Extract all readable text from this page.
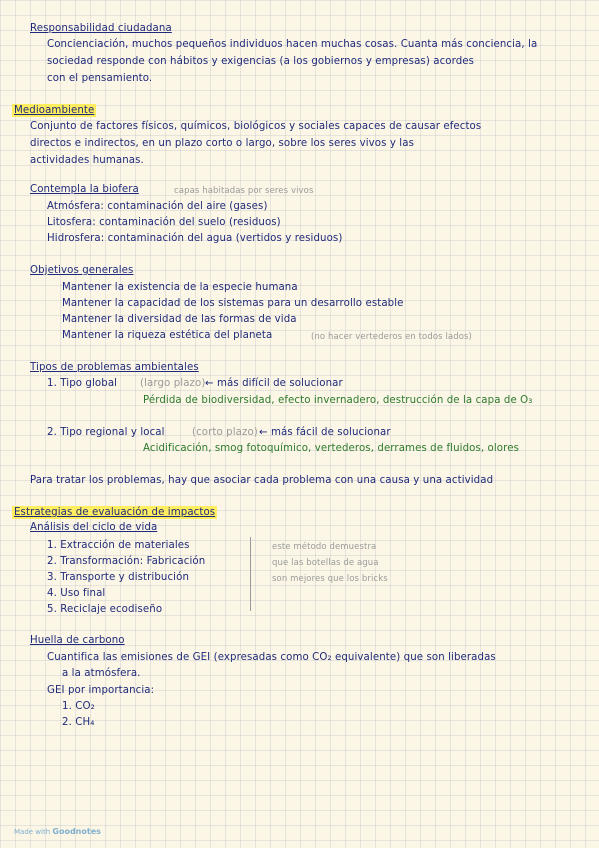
Responsabilidad ciudadana
Concienciación, muchos pequeños individuos hacen muchas cosas. Cuanta más conciencia, la
sociedad responde con hábitos y exigencias (a los gobiernos y empresas) acordes
con el pensamiento.
Medioambiente
Conjunto de factores físicos, químicos, biológicos y sociales capaces de causar efectos
directos e indirectos, en un plazo corto o largo, sobre los seres vivos y las
actividades humanas.
Contempla la biofera	capas habitadas por seres vivos
Atmósfera: contaminación del aire (gases)
Litosfera: contaminación del suelo (residuos)
Hidrosfera: contaminación del agua (vertidos y residuos)
Objetivos generales
Mantener la existencia de la especie humana
Mantener la capacidad de los sistemas para un desarrollo estable
Mantener la diversidad de las formas de vida
Mantener la riqueza estética del planeta	(no hacer vertederos en todos lados)
Tipos de problemas ambientales
1. Tipo global (largo plazo) ← más difícil de solucionar
Pérdida de biodiversidad, efecto invernadero, destrucción de la capa de O₃
2. Tipo regional y local	(corto plazo) ← más fácil de solucionar
Acidificación, smog fotoquímico, vertederos, derrames de fluidos, olores
Para tratar los problemas, hay que asociar cada problema con una causa y una actividad
Estrategias de evaluación de impactos
Análisis del ciclo de vida
1. Extracción de materiales
2. Transformación: Fabricación
3. Transporte y distribución
4. Uso final
5. Reciclaje ecodiseño
este método demuestra
que las botellas de agua
son mejores que los bricks
Huella de carbono
Cuantifica las emisiones de GEI (expresadas como CO₂ equivalente) que son liberadas
a la atmósfera.
GEI por importancia:
1. CO₂
2. CH₄
Made with Goodnotes
